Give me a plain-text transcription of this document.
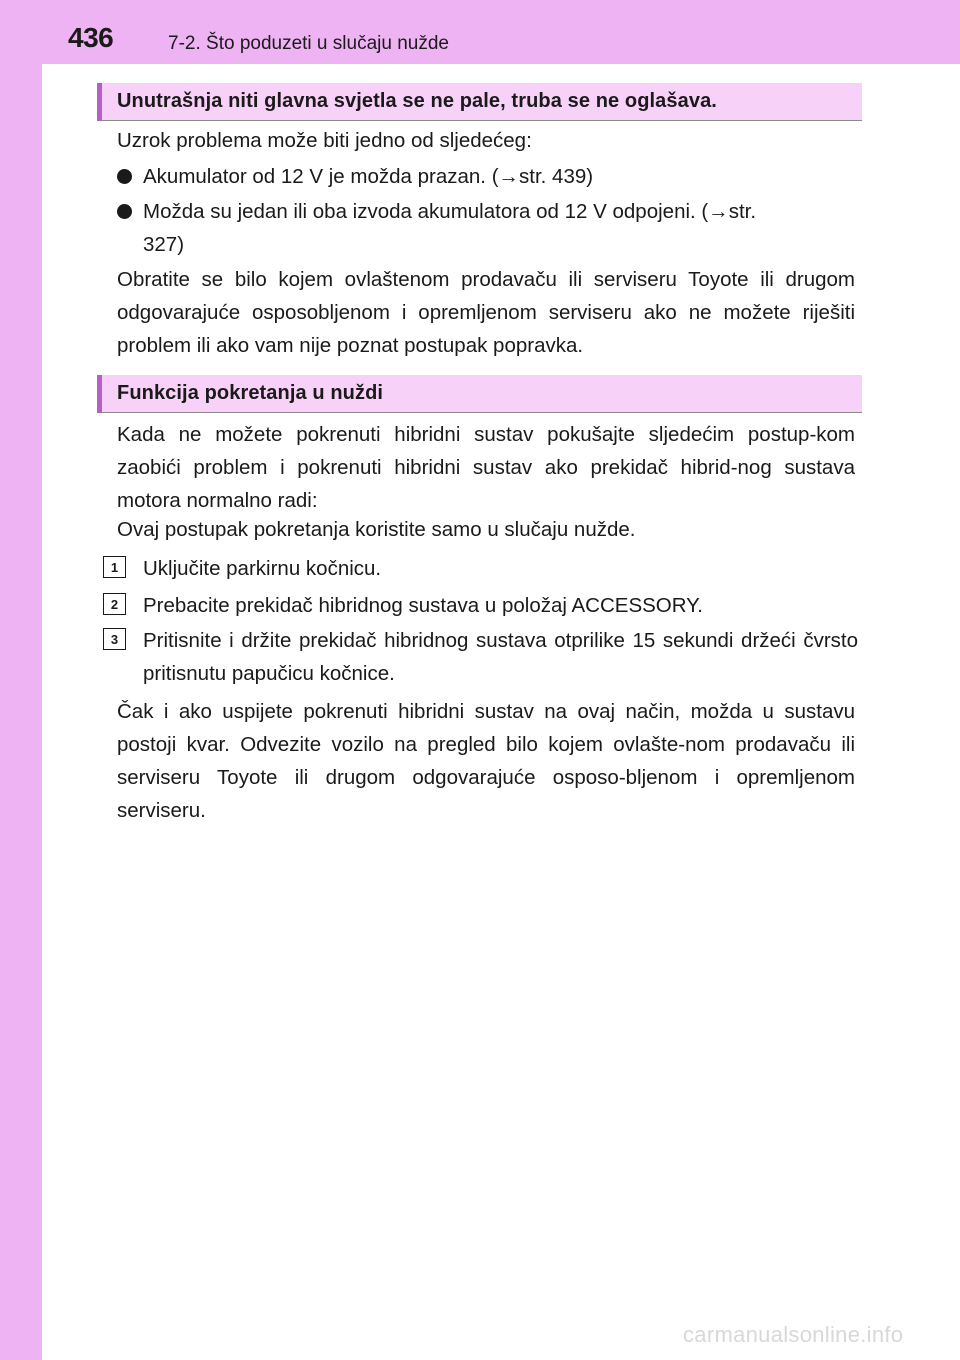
436	7-2. Što poduzeti u slučaju nužde
Unutrašnja niti glavna svjetla se ne pale, truba se ne oglašava.

Uzrok problema može biti jedno od sljedećeg:

Akumulator od 12 V je možda prazan. (→str. 439)
Možda su jedan ili oba izvoda akumulatora od 12 V odpojeni. (→str. 327)

Obratite se bilo kojem ovlaštenom prodavaču ili serviseru Toyote ili drugom odgovarajuće osposobljenom i opremljenom serviseru ako ne možete riješiti problem ili ako vam nije poznat postupak popravka.

Funkcija pokretanja u nuždi

Kada ne možete pokrenuti hibridni sustav pokušajte sljedećim postup-kom zaobići problem i pokrenuti hibridni sustav ako prekidač hibrid-nog sustava motora normalno radi:

Ovaj postupak pokretanja koristite samo u slučaju nužde.

1	Uključite parkirnu kočnicu.
2	Prebacite prekidač hibridnog sustava u položaj ACCESSORY.
3	Pritisnite i držite prekidač hibridnog sustava otprilike 15 sekundi držeći čvrsto pritisnutu papučicu kočnice.

Čak i ako uspijete pokrenuti hibridni sustav na ovaj način, možda u sustavu postoji kvar. Odvezite vozilo na pregled bilo kojem ovlašte-nom prodavaču ili serviseru Toyote ili drugom odgovarajuće osposo-bljenom i opremljenom serviseru.

carmanualsonline.info
